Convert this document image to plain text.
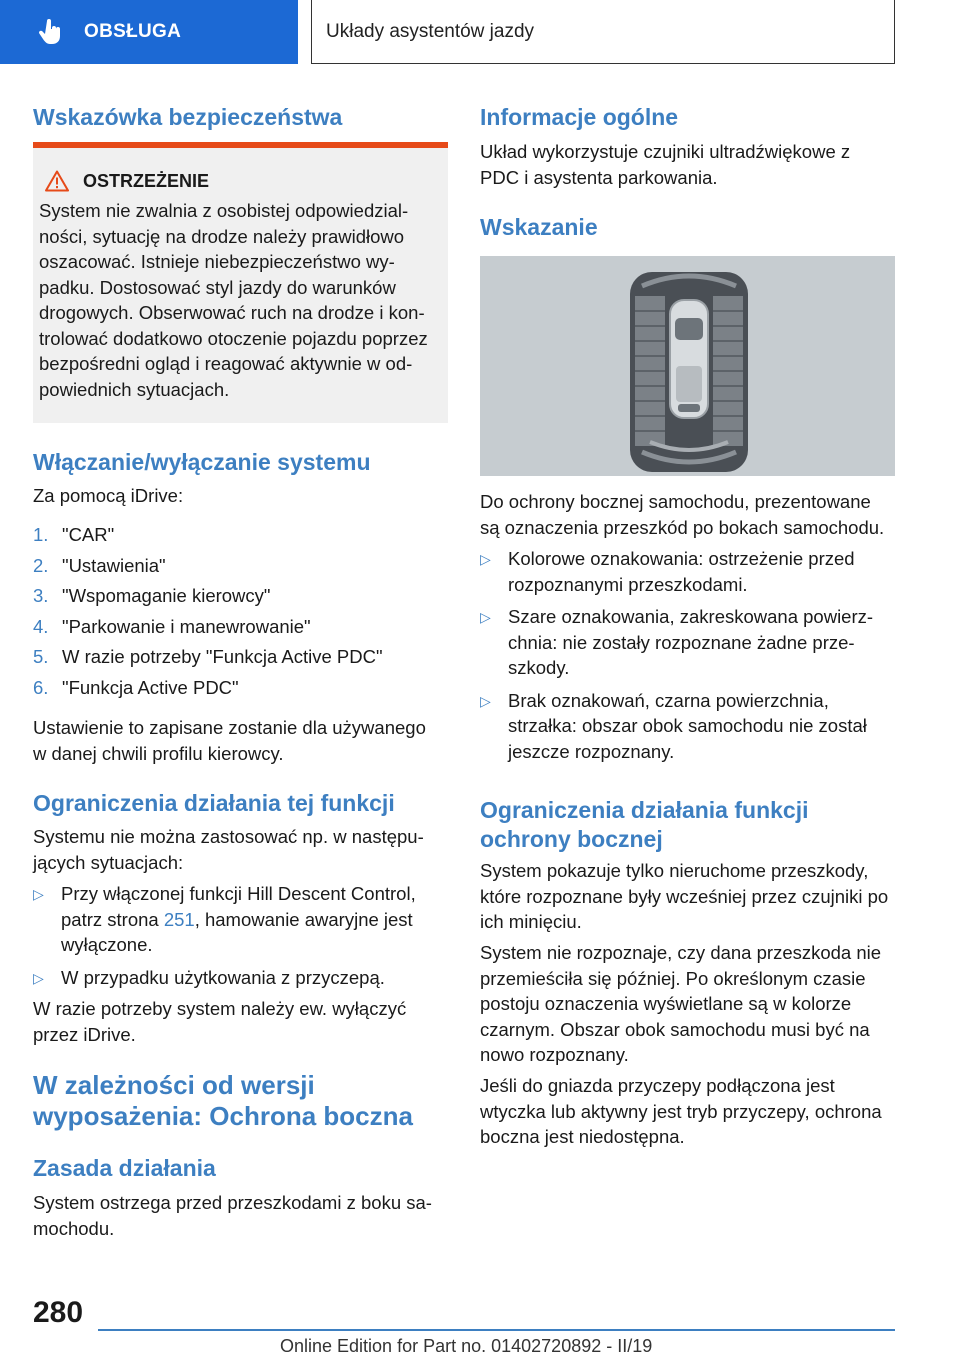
OBSŁUGA	Układy asystentów jazdy
Wskazówka bezpieczeństwa
OSTRZEŻENIE

System nie zwalnia z osobistej odpowiedzial-ności, sytuację na drodze należy prawidłowo oszacować. Istnieje niebezpieczeństwo wy-padku. Dostosować styl jazdy do warunków drogowych. Obserwować ruch na drodze i kon-trolować dodatkowo otoczenie pojazdu poprzez bezpośredni ogląd i reagować aktywnie w od-powiednich sytuacjach.

Włączanie/wyłączanie systemu

Za pomocą iDrive:

1. "CAR"
2. "Ustawienia"
3. "Wspomaganie kierowcy"
4. "Parkowanie i manewrowanie"
5. W razie potrzeby "Funkcja Active PDC"
6. "Funkcja Active PDC"

Ustawienie to zapisane zostanie dla używanego w danej chwili profilu kierowcy.

Ograniczenia działania tej funkcji

Systemu nie można zastosować np. w następu-jących sytuacjach:

▷ Przy włączonej funkcji Hill Descent Control, patrz strona 251, hamowanie awaryjne jest wyłączone.
▷ W przypadku użytkowania z przyczepą.

W razie potrzeby system należy ew. wyłączyć przez iDrive.

W zależności od wersji wyposażenia: Ochrona boczna
Zasada działania

System ostrzega przed przeszkodami z boku sa-mochodu.

Informacje ogólne

Układ wykorzystuje czujniki ultradźwiękowe z PDC i asystenta parkowania.

Wskazanie

Do ochrony bocznej samochodu, prezentowane są oznaczenia przeszkód po bokach samochodu.

▷ Kolorowe oznakowania: ostrzeżenie przed rozpoznanymi przeszkodami.
▷ Szare oznakowania, zakreskowana powierz-chnia: nie zostały rozpoznane żadne prze-szkody.
▷ Brak oznakowań, czarna powierzchnia, strzałka: obszar obok samochodu nie został jeszcze rozpoznany.
Ograniczenia działania funkcji ochrony bocznej

System pokazuje tylko nieruchome przeszkody, które rozpoznane były wcześniej przez czujniki po ich minięciu.

System nie rozpoznaje, czy dana przeszkoda nie przemieściła się później. Po określonym czasie postoju oznaczenia wyświetlane są w kolorze czarnym. Obszar obok samochodu musi być na nowo rozpoznany.

Jeśli do gniazda przyczepy podłączona jest wtyczka lub aktywny jest tryb przyczepy, ochrona boczna jest niedostępna.

280
Online Edition for Part no. 01402720892 - II/19
